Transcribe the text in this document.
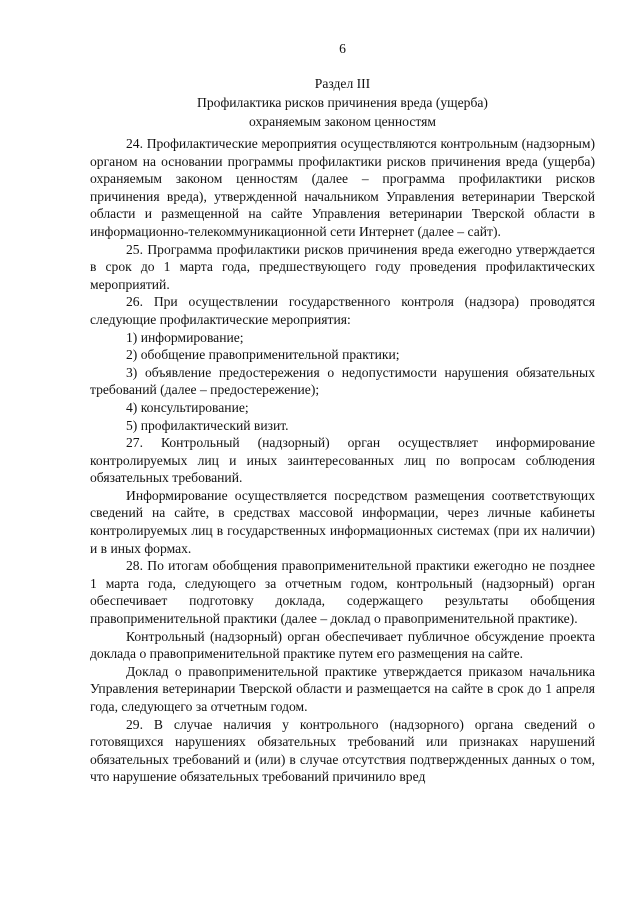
6
Раздел III
Профилактика рисков причинения вреда (ущерба)
охраняемым законом ценностям

24. Профилактические мероприятия осуществляются контрольным (надзорным) органом на основании программы профилактики рисков причинения вреда (ущерба) охраняемым законом ценностям (далее – программа профилактики рисков причинения вреда), утвержденной начальником Управления ветеринарии Тверской области и размещенной на сайте Управления ветеринарии Тверской области в информационно-телекоммуникационной сети Интернет (далее – сайт).

25. Программа профилактики рисков причинения вреда ежегодно утверждается в срок до 1 марта года, предшествующего году проведения профилактических мероприятий.

26. При осуществлении государственного контроля (надзора) проводятся следующие профилактические мероприятия:

1) информирование;

2) обобщение правоприменительной практики;

3) объявление предостережения о недопустимости нарушения обязательных требований (далее – предостережение);

4) консультирование;

5) профилактический визит.

27. Контрольный (надзорный) орган осуществляет информирование контролируемых лиц и иных заинтересованных лиц по вопросам соблюдения обязательных требований.

Информирование осуществляется посредством размещения соответствующих сведений на сайте, в средствах массовой информации, через личные кабинеты контролируемых лиц в государственных информационных системах (при их наличии) и в иных формах.

28. По итогам обобщения правоприменительной практики ежегодно не позднее 1 марта года, следующего за отчетным годом, контрольный (надзорный) орган обеспечивает подготовку доклада, содержащего результаты обобщения правоприменительной практики (далее – доклад о правоприменительной практике).

Контрольный (надзорный) орган обеспечивает публичное обсуждение проекта доклада о правоприменительной практике путем его размещения на сайте.

Доклад о правоприменительной практике утверждается приказом начальника Управления ветеринарии Тверской области и размещается на сайте в срок до 1 апреля года, следующего за отчетным годом.

29. В случае наличия у контрольного (надзорного) органа сведений о готовящихся нарушениях обязательных требований или признаках нарушений обязательных требований и (или) в случае отсутствия подтвержденных данных о том, что нарушение обязательных требований причинило вред
